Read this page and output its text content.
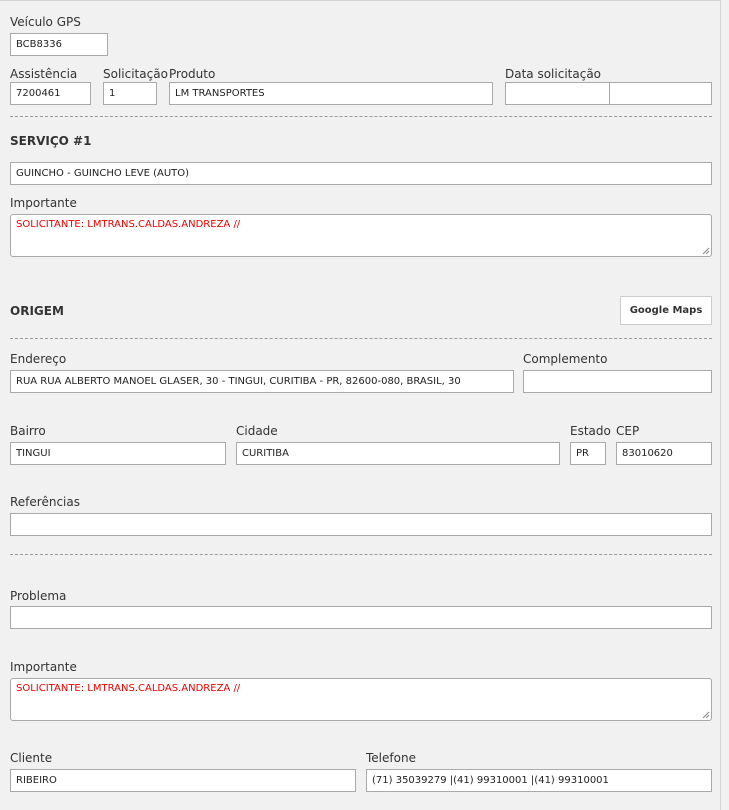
Veículo GPS
BCB8336
Assistência
7200461
Solicitação
1
Produto
LM TRANSPORTES
Data solicitação
SERVIÇO #1
GUINCHO - GUINCHO LEVE (AUTO)
Importante
SOLICITANTE: LMTRANS.CALDAS.ANDREZA //
ORIGEM	Google Maps
Endereço
RUA RUA ALBERTO MANOEL GLASER, 30 - TINGUI, CURITIBA - PR, 82600-080, BRASIL, 30
Complemento
Bairro
TINGUI
Cidade
CURITIBA
Estado
PR
CEP
83010620
Referências
Problema
Importante
SOLICITANTE: LMTRANS.CALDAS.ANDREZA //
Cliente
RIBEIRO
Telefone
(71) 35039279 |(41) 99310001 |(41) 99310001
